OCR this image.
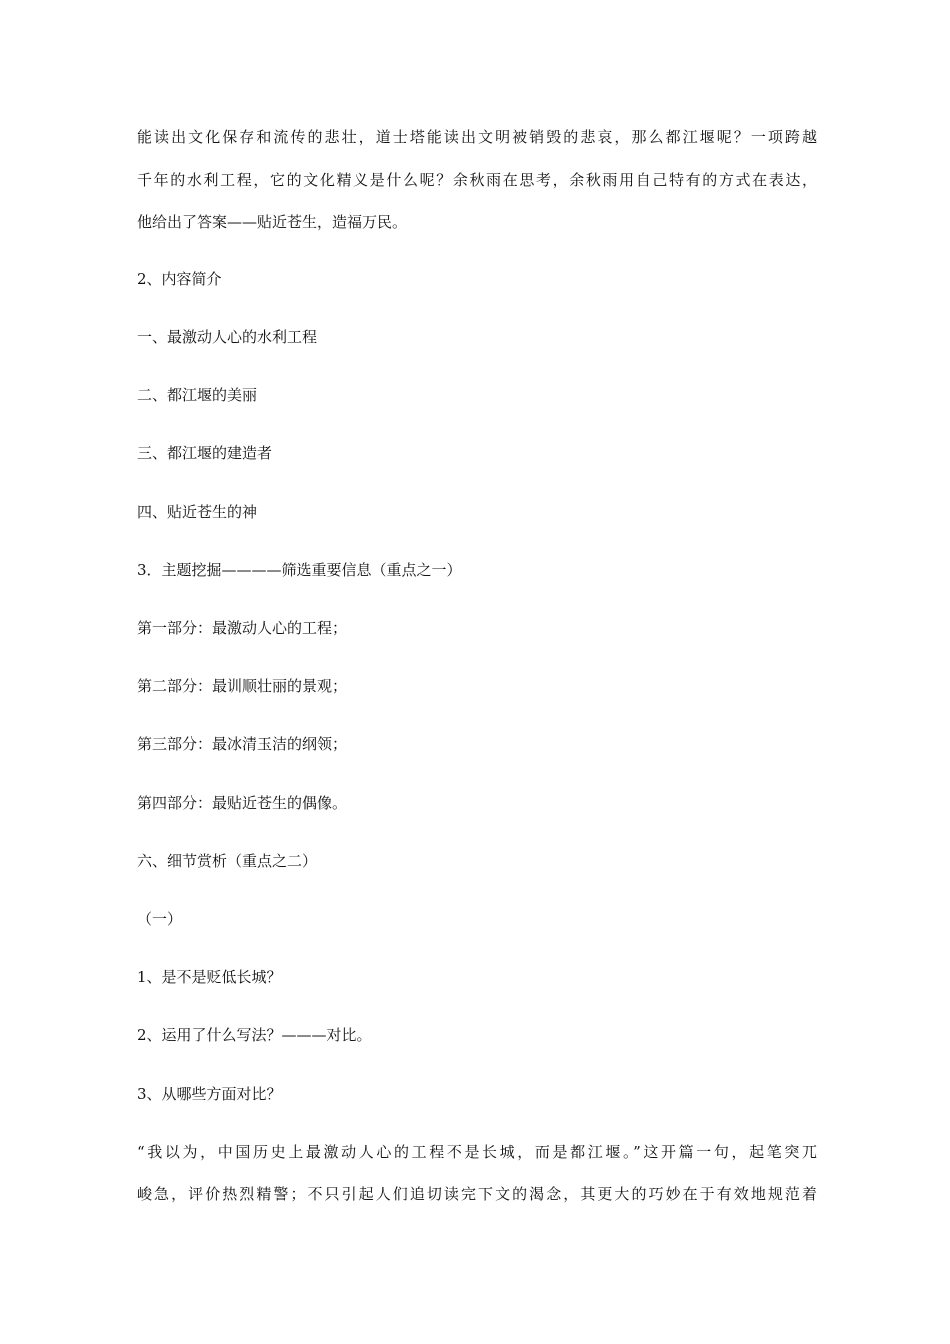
能读出文化保存和流传的悲壮，道士塔能读出文明被销毁的悲哀，那么都江堰呢？一项跨越
千年的水利工程，它的文化精义是什么呢？余秋雨在思考，余秋雨用自己特有的方式在表达，
他给出了答案——贴近苍生，造福万民。
2、内容简介
一、最激动人心的水利工程
二、都江堰的美丽
三、都江堰的建造者
四、贴近苍生的神
3．主题挖掘————筛选重要信息（重点之一）
第一部分：最激动人心的工程；
第二部分：最训顺壮丽的景观；
第三部分：最冰清玉洁的纲领；
第四部分：最贴近苍生的偶像。
六、细节赏析（重点之二）
（一）
1、是不是贬低长城？
2、运用了什么写法？———对比。
3、从哪些方面对比？
“我以为，中国历史上最激动人心的工程不是长城，而是都江堰。”这开篇一句，起笔突兀
峻急，评价热烈精警；不只引起人们追切读完下文的渴念，其更大的巧妙在于有效地规范着
